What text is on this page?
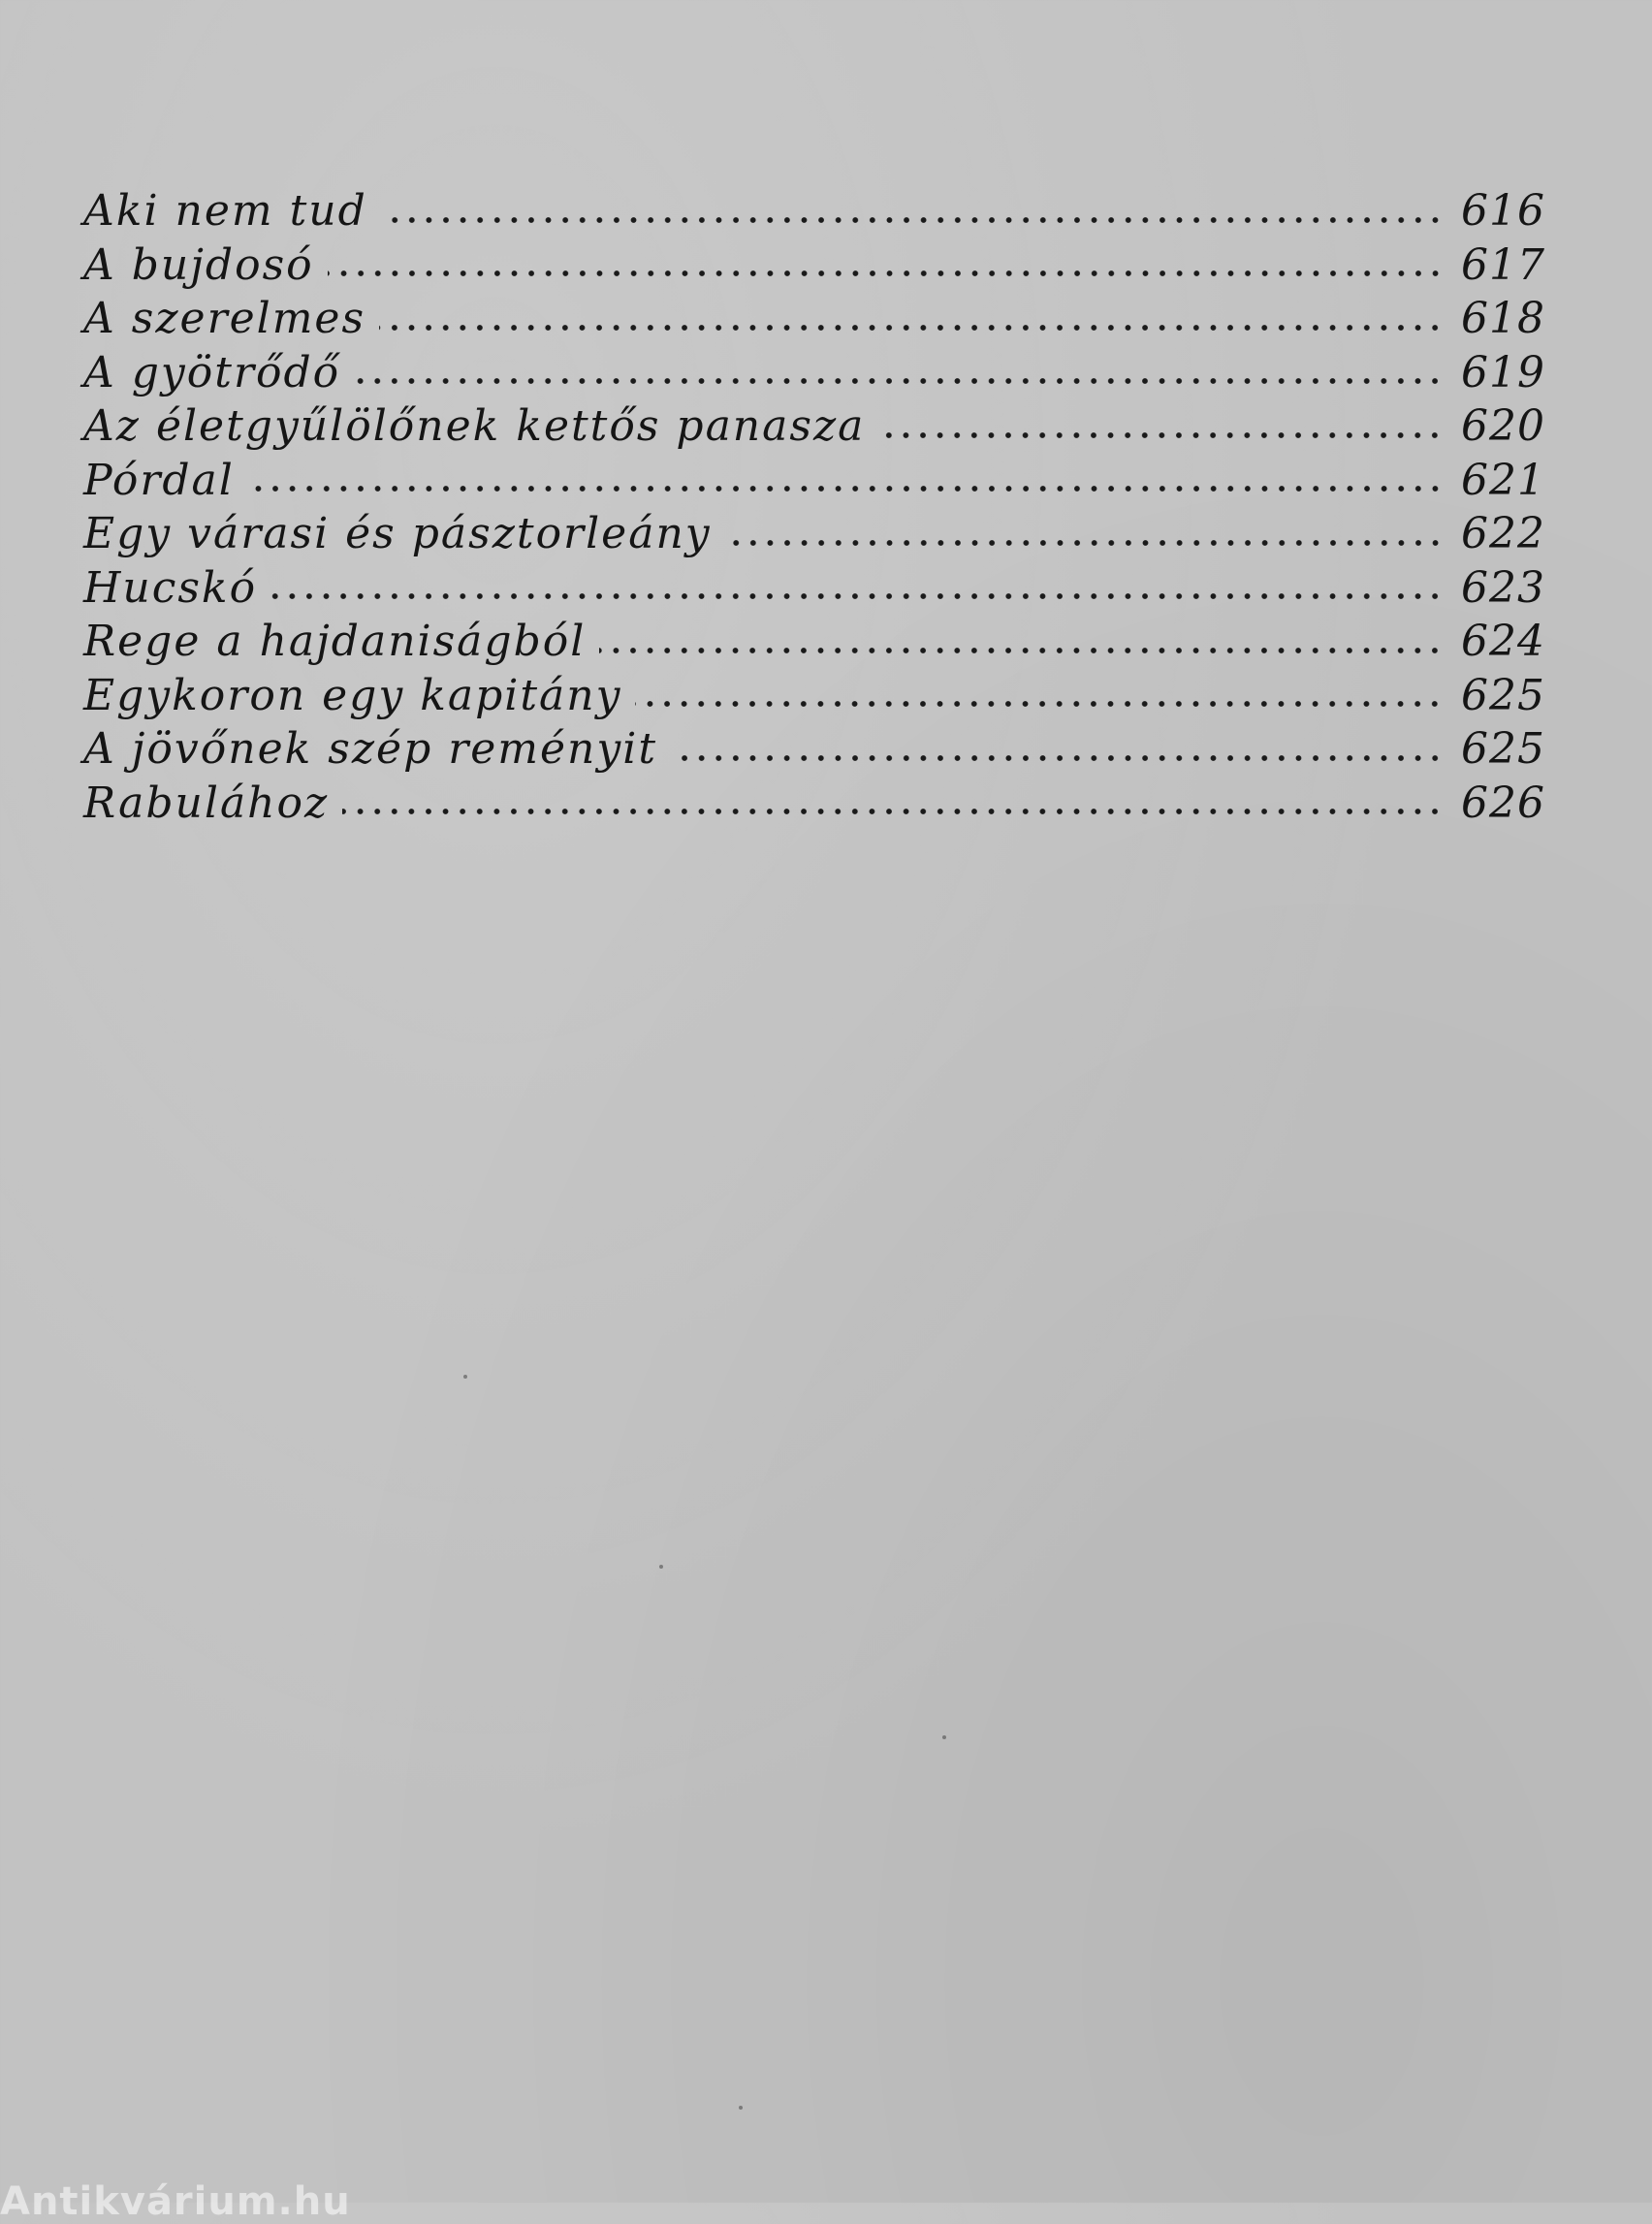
Aki nem tud	616
A bujdosó	617
A szerelmes	618
A gyötrődő	619
Az életgyűlölőnek kettős panasza	620
Pórdal	621
Egy várasi és pásztorleány	622
Hucskó	623
Rege a hajdaniságból	624
Egykoron egy kapitány	625
A jövőnek szép reményit	625
Rabulához	626
Antikvárium.hu
